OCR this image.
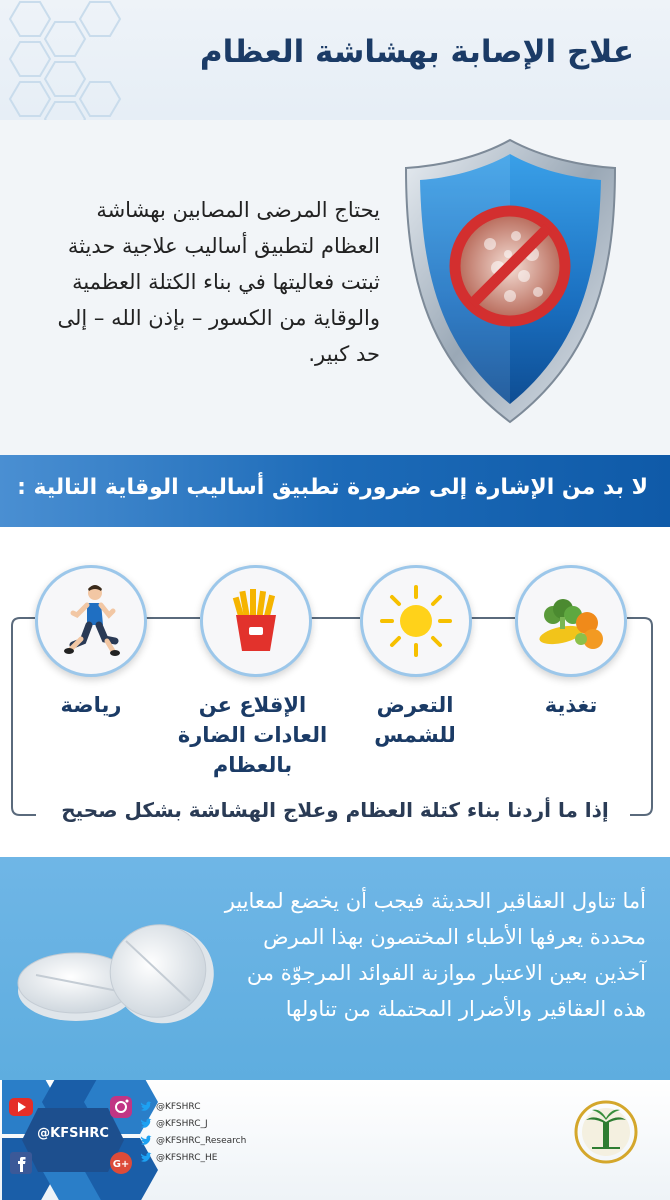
علاج الإصابة بهشاشة العظام
يحتاج المرضى المصابين بهشاشة العظام لتطبيق أساليب علاجية حديثة ثبتت فعاليتها في بناء الكتلة العظمية والوقاية من الكسور – بإذن الله – إلى حد كبير.
لا بد من الإشارة إلى ضرورة تطبيق أساليب الوقاية التالية :
تغذية
التعرض للشمس
الإقلاع عن العادات الضارة بالعظام
رياضة
إذا ما أردنا بناء كتلة العظام وعلاج الهشاشة بشكل صحيح
أما تناول العقاقير الحديثة فيجب أن يخضع لمعايير محددة يعرفها الأطباء المختصون بهذا المرض آخذين بعين الاعتبار موازنة الفوائد المرجوّة من هذه العقاقير والأضرار المحتملة من تناولها
G+
@KFSHRC
@KFSHRC
@KFSHRC_J
@KFSHRC_Research
@KFSHRC_HE
